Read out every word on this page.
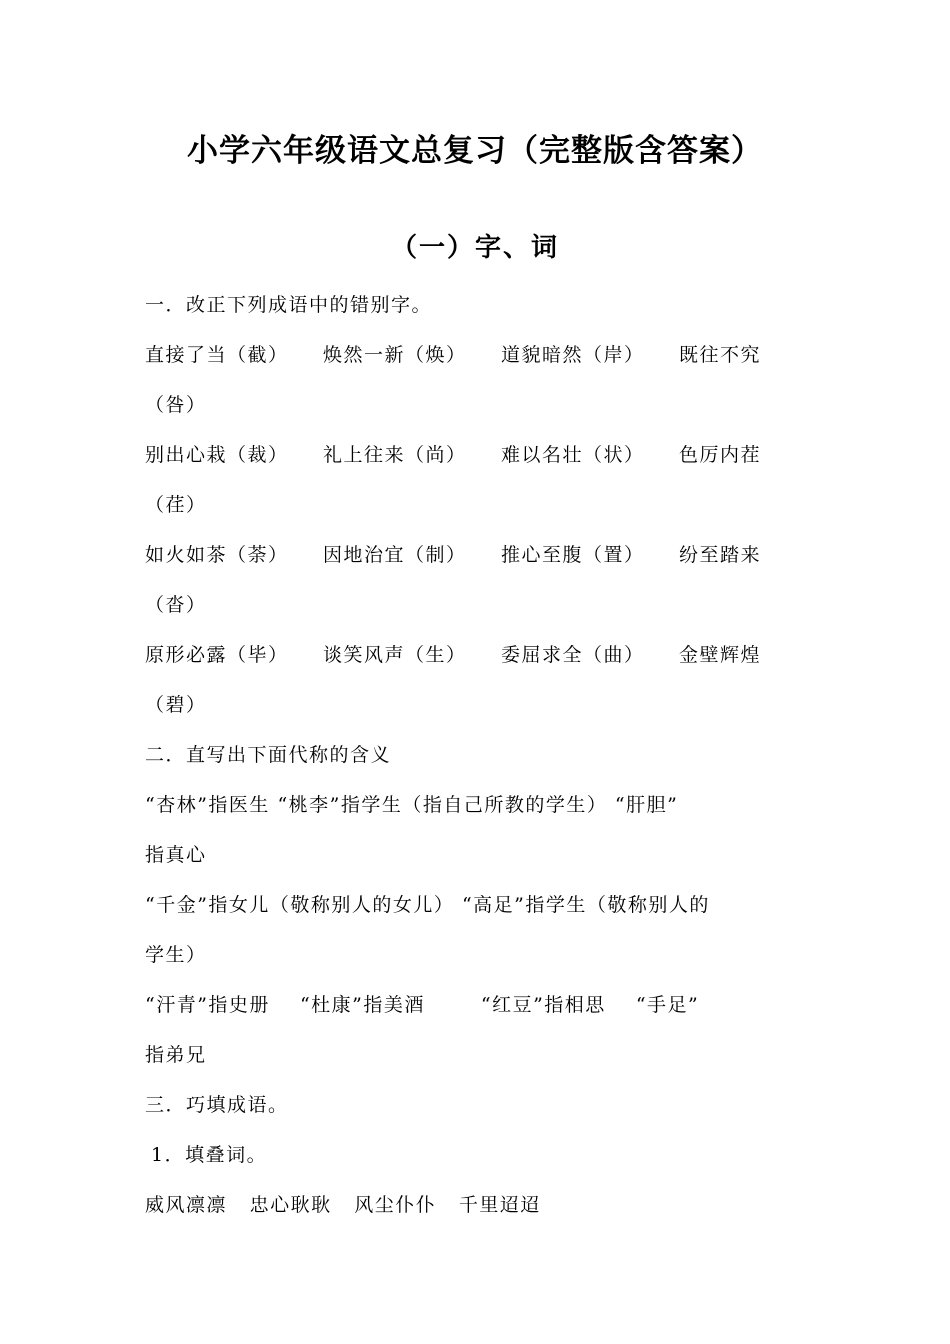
小学六年级语文总复习（完整版含答案）
（一）字、词
一．改正下列成语中的错别字。
直接了当（截） 焕然一新（焕） 道貌暗然（岸） 既往不究
（咎）
别出心栽（裁） 礼上往来（尚） 难以名壮（状） 色厉内茬
（荏）
如火如茶（荼） 因地治宜（制） 推心至腹（置） 纷至踏来
（沓）
原形必露（毕） 谈笑风声（生） 委屈求全（曲） 金壁辉煌
（碧）
二．直写出下面代称的含义
“杏林”指医生 “桃李”指学生（指自己所教的学生） “肝胆”
指真心
“千金”指女儿（敬称别人的女儿） “高足”指学生（敬称别人的
学生）
“汗青”指史册 “杜康”指美酒	“红豆”指相思 “手足”
指弟兄
三．巧填成语。
1．填叠词。
威风凛凛   忠心耿耿   风尘仆仆   千里迢迢
